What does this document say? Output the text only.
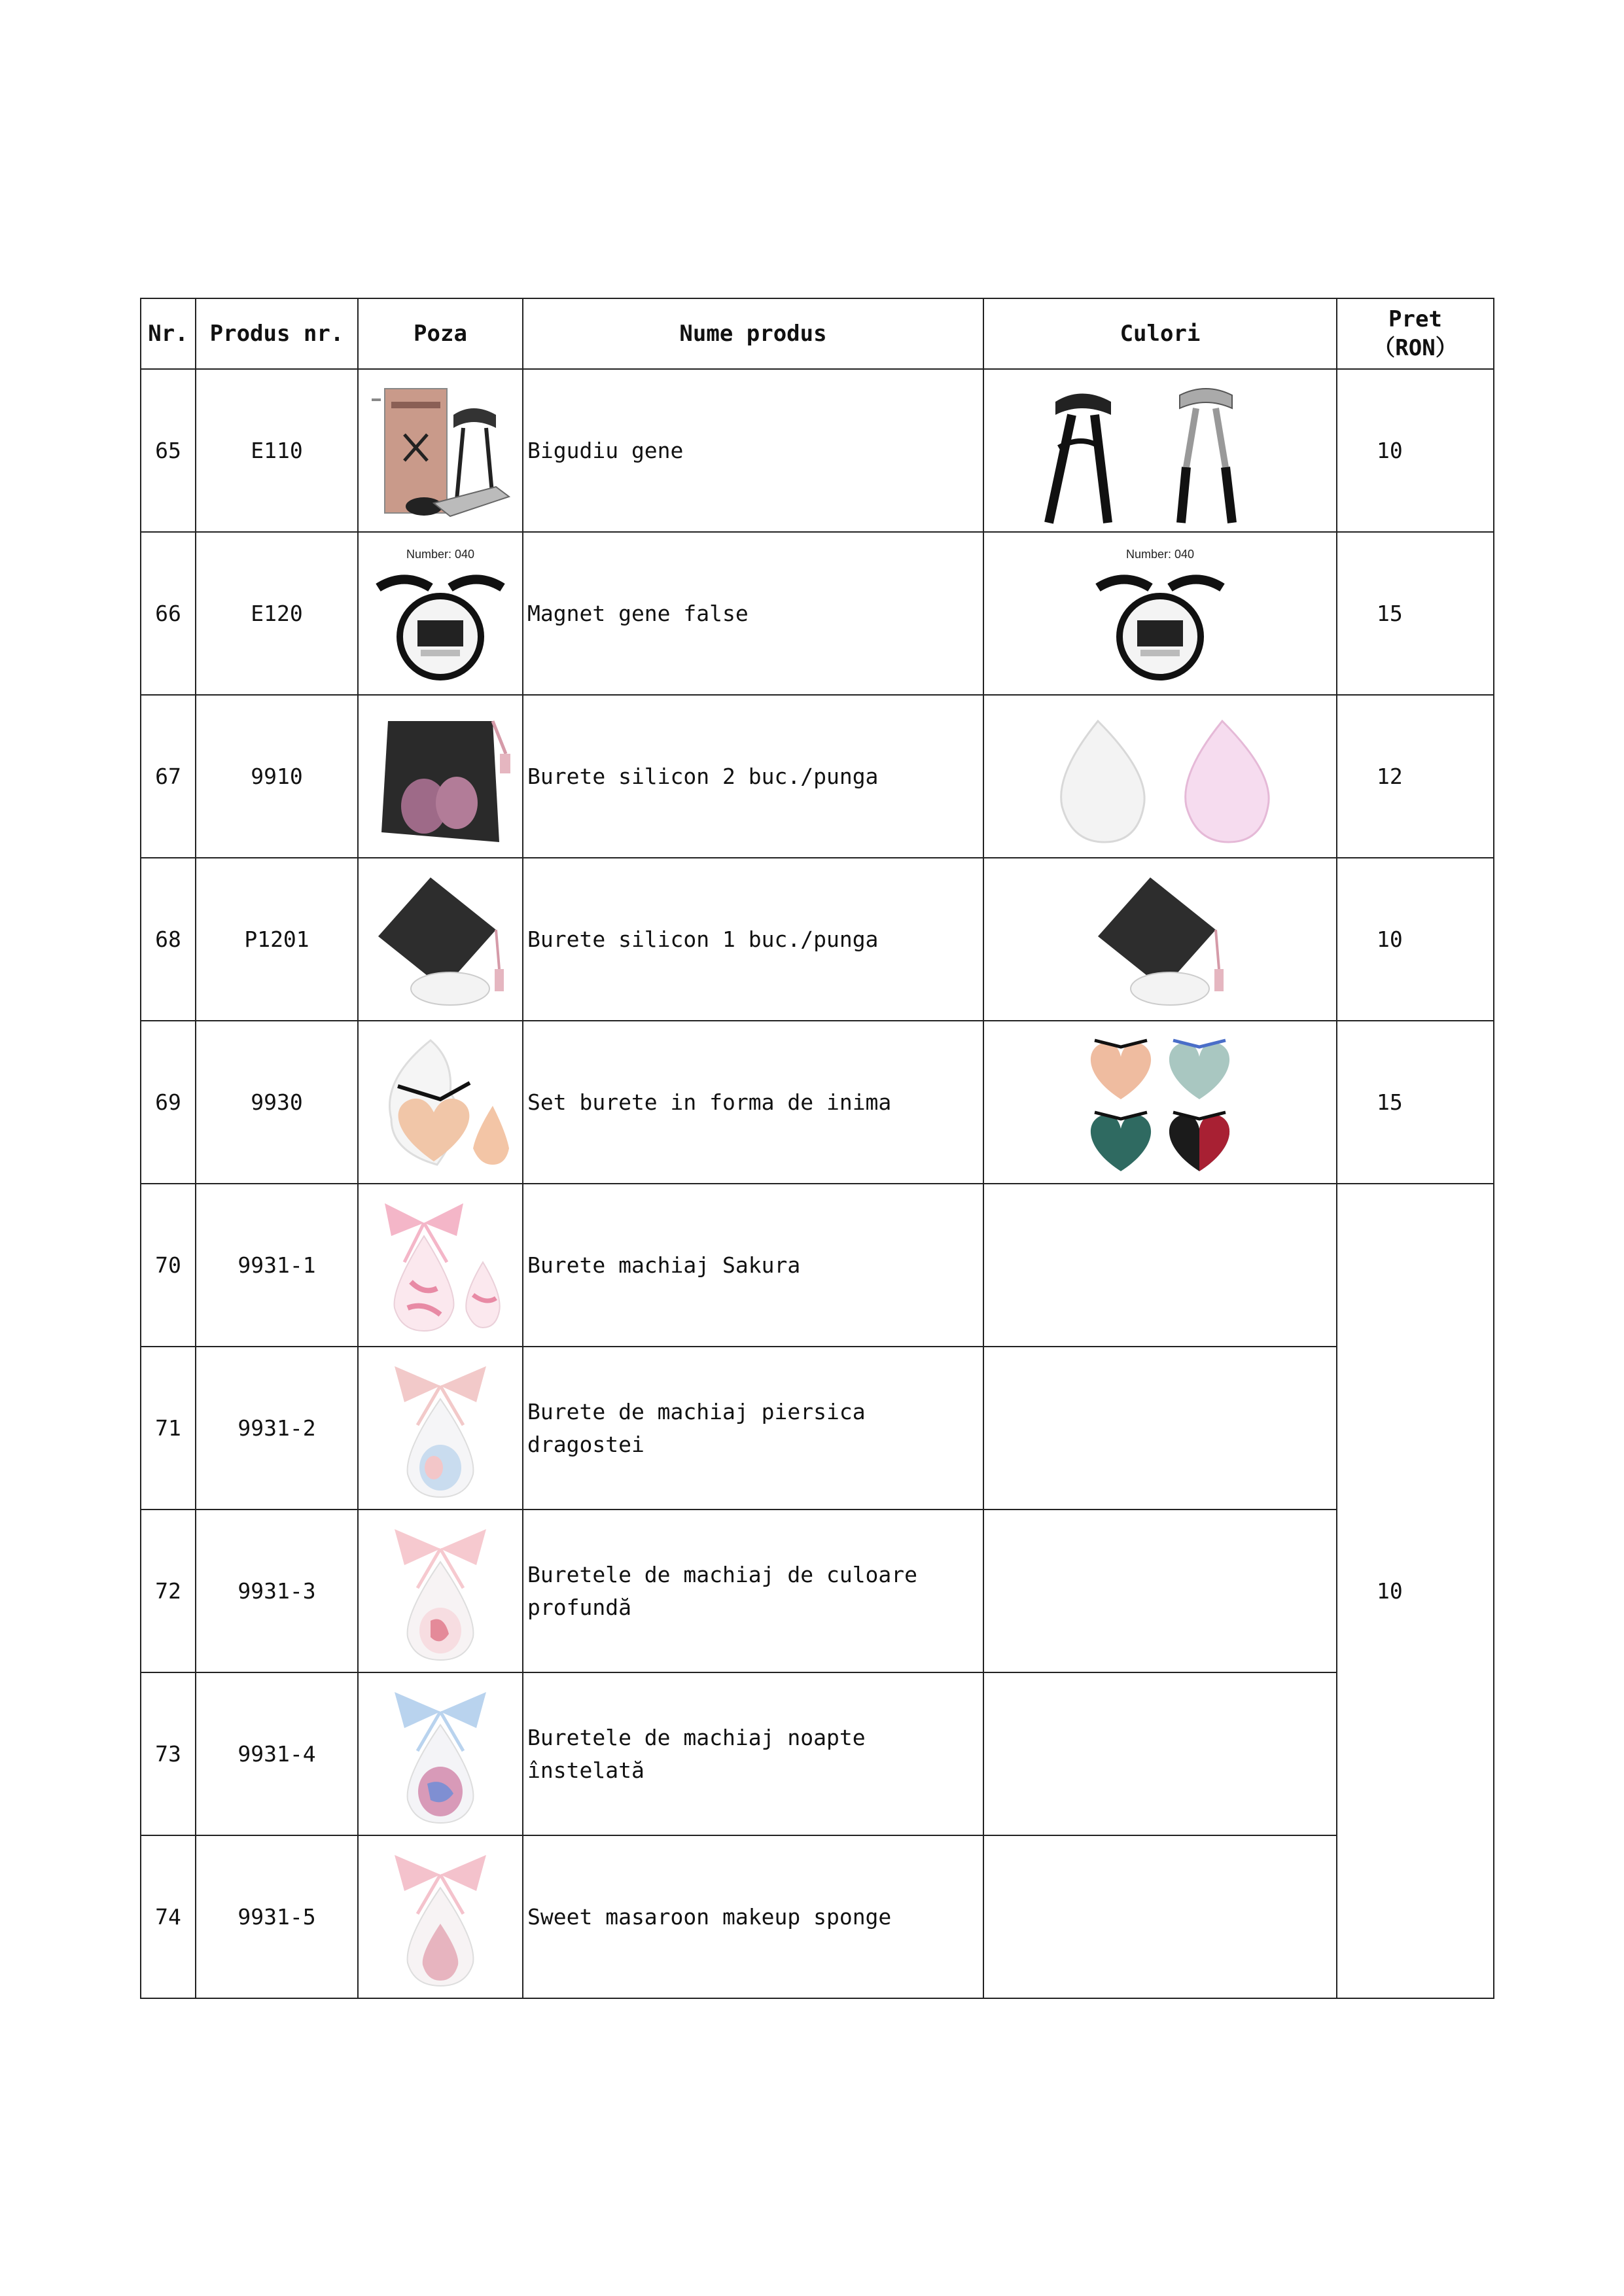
Nr.	Produs nr.	Poza	Nume produs	Culori	Pret
（RON）

65	E110		Bigudiu gene		10
66	E120	Number: 040	Magnet gene false	Number: 040	15
67	9910		Burete silicon 2 buc./punga		12
68	P1201		Burete silicon 1 buc./punga		10
69	9930		Set burete in forma de inima		15
70	9931-1		Burete machiaj Sakura		10
71	9931-2		Burete de machiaj piersica dragostei		
72	9931-3		Buretele de machiaj de culoare profundă		
73	9931-4		Buretele de machiaj noapte înstelată		
74	9931-5		Sweet masaroon makeup sponge		
